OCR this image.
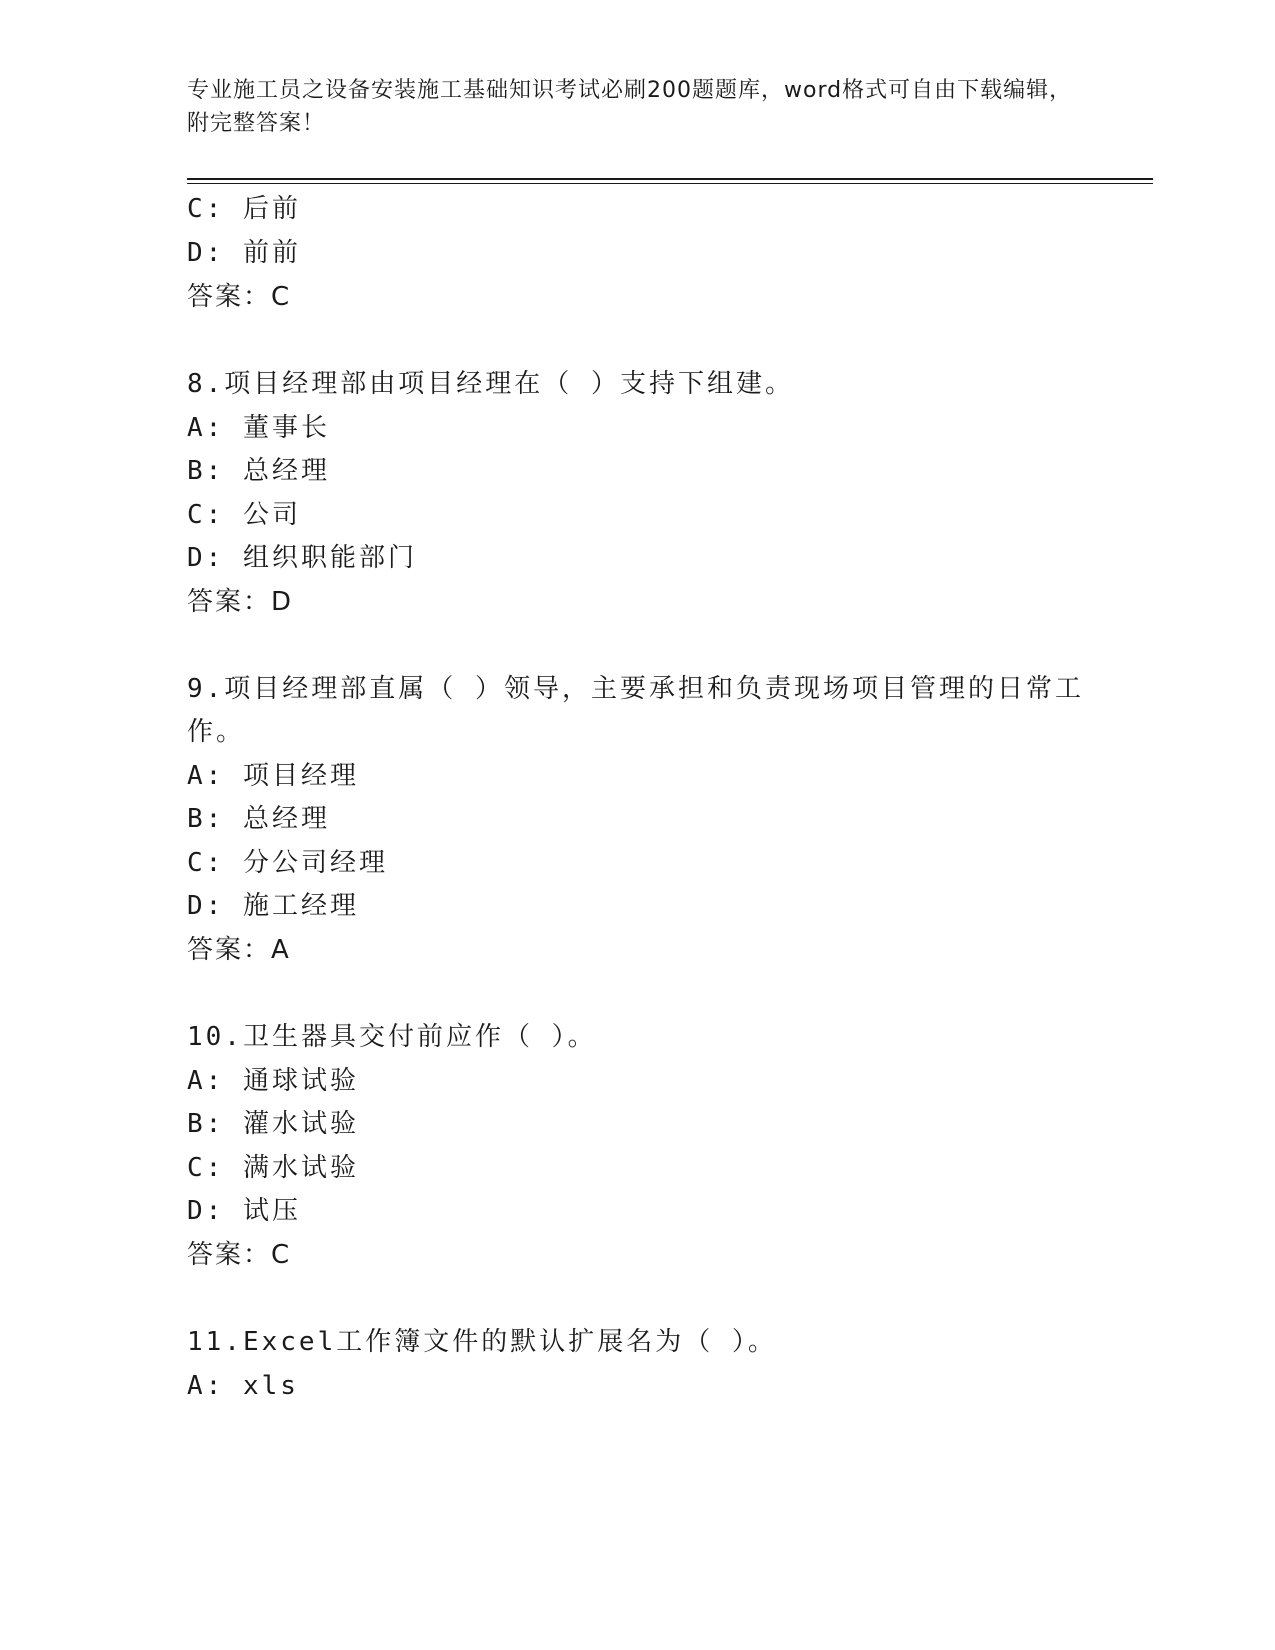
专业施工员之设备安装施工基础知识考试必刷200题题库，word格式可自由下载编辑，附完整答案！
C: 后前
D: 前前
答案：C
8.项目经理部由项目经理在（ ）支持下组建。
A: 董事长
B: 总经理
C: 公司
D: 组织职能部门
答案：D
9.项目经理部直属（ ）领导，主要承担和负责现场项目管理的日常工
作。
A: 项目经理
B: 总经理
C: 分公司经理
D: 施工经理
答案：A
10.卫生器具交付前应作（ ）。
A: 通球试验
B: 灌水试验
C: 满水试验
D: 试压
答案：C
11.Excel工作簿文件的默认扩展名为（ ）。
A: xls
